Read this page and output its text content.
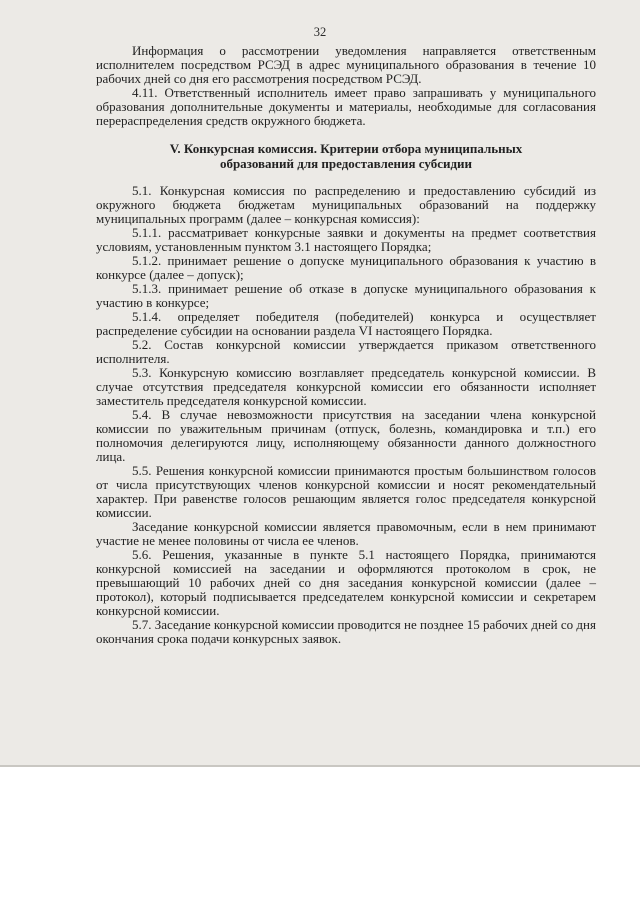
32

Информация о рассмотрении уведомления направляется ответственным исполнителем посредством РСЭД в адрес муниципального образования в течение 10 рабочих дней со дня его рассмотрения посредством РСЭД.

4.11. Ответственный исполнитель имеет право запрашивать у муниципального образования дополнительные документы и материалы, необходимые для согласования перераспределения средств окружного бюджета.

V. Конкурсная комиссия. Критерии отбора муниципальных
образований для предоставления субсидии

5.1. Конкурсная комиссия по распределению и предоставлению субсидий из окружного бюджета бюджетам муниципальных образований на поддержку муниципальных программ (далее – конкурсная комиссия):

5.1.1. рассматривает конкурсные заявки и документы на предмет соответствия условиям, установленным пунктом 3.1 настоящего Порядка;

5.1.2. принимает решение о допуске муниципального образования к участию в конкурсе (далее – допуск);

5.1.3. принимает решение об отказе в допуске муниципального образования к участию в конкурсе;

5.1.4. определяет победителя (победителей) конкурса и осуществляет распределение субсидии на основании раздела VI настоящего Порядка.

5.2. Состав конкурсной комиссии утверждается приказом ответственного исполнителя.

5.3. Конкурсную комиссию возглавляет председатель конкурсной комиссии. В случае отсутствия председателя конкурсной комиссии его обязанности исполняет заместитель председателя конкурсной комиссии.

5.4. В случае невозможности присутствия на заседании члена конкурсной комиссии по уважительным причинам (отпуск, болезнь, командировка и т.п.) его полномочия делегируются лицу, исполняющему обязанности данного должностного лица.

5.5. Решения конкурсной комиссии принимаются простым большинством голосов от числа присутствующих членов конкурсной комиссии и носят рекомендательный характер. При равенстве голосов решающим является голос председателя конкурсной комиссии.

Заседание конкурсной комиссии является правомочным, если в нем принимают участие не менее половины от числа ее членов.

5.6. Решения, указанные в пункте 5.1 настоящего Порядка, принимаются конкурсной комиссией на заседании и оформляются протоколом в срок, не превышающий 10 рабочих дней со дня заседания конкурсной комиссии (далее – протокол), который подписывается председателем конкурсной комиссии и секретарем конкурсной комиссии.

5.7. Заседание конкурсной комиссии проводится не позднее 15 рабочих дней со дня окончания срока подачи конкурсных заявок.
